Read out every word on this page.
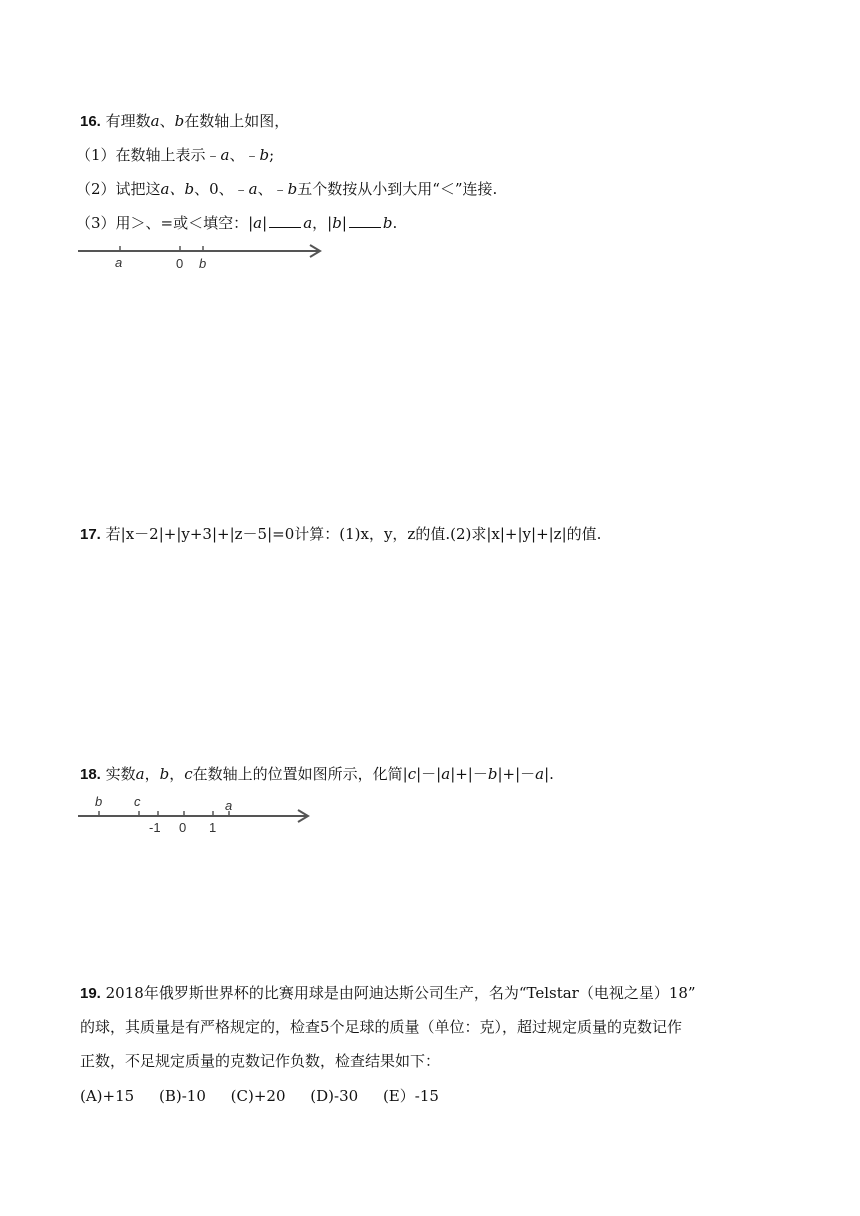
16. 有理数a、b在数轴上如图，
（1）在数轴上表示﹣a、﹣b;
（2）试把这a、b、0、﹣a、﹣b五个数按从小到大用“＜”连接.
（3）用＞、=或＜填空：|a| a，|b| b.
a	0 b
17. 若|x－2|+|y+3|+|z－5|=0计算：(1)x，y，z的值.(2)求|x|+|y|+|z|的值.
18. 实数a，b，c在数轴上的位置如图所示，化简|c|－|a|+|－b|+|－a|.
b c	a
-1 0 1
19. 2018年俄罗斯世界杯的比赛用球是由阿迪达斯公司生产，名为“Telstar（电视之星）18”
的球，其质量是有严格规定的，检查5个足球的质量（单位：克），超过规定质量的克数记作
正数，不足规定质量的克数记作负数，检查结果如下：
(A)+15 (B)-10 (C)+20 (D)-30 (E）-15
